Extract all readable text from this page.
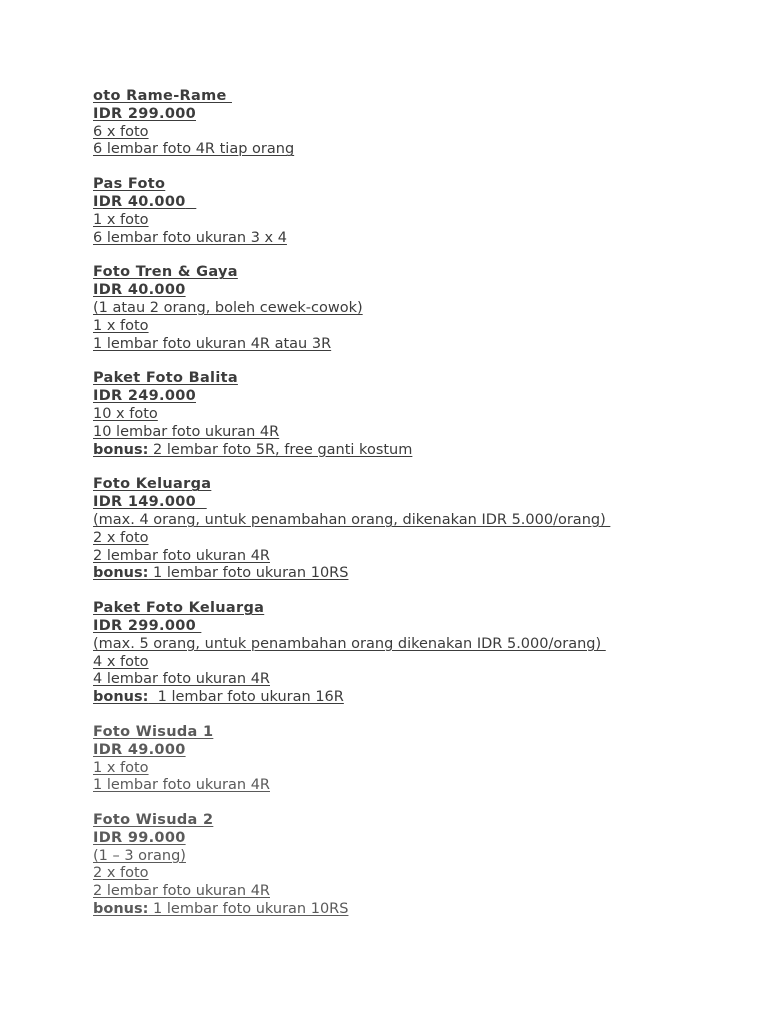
oto Rame-Rame
IDR 299.000
6 x foto
6 lembar foto 4R tiap orang
Pas Foto
IDR 40.000
1 x foto
6 lembar foto ukuran 3 x 4
Foto Tren & Gaya
IDR 40.000
(1 atau 2 orang, boleh cewek-cowok)
1 x foto
1 lembar foto ukuran 4R atau 3R
Paket Foto Balita
IDR 249.000
10 x foto
10 lembar foto ukuran 4R
bonus: 2 lembar foto 5R, free ganti kostum
Foto Keluarga
IDR 149.000
(max. 4 orang, untuk penambahan orang, dikenakan IDR 5.000/orang)
2 x foto
2 lembar foto ukuran 4R
bonus: 1 lembar foto ukuran 10RS
Paket Foto Keluarga
IDR 299.000
(max. 5 orang, untuk penambahan orang dikenakan IDR 5.000/orang)
4 x foto
4 lembar foto ukuran 4R
bonus:  1 lembar foto ukuran 16R
Foto Wisuda 1
IDR 49.000
1 x foto
1 lembar foto ukuran 4R
Foto Wisuda 2
IDR 99.000
(1 – 3 orang)
2 x foto
2 lembar foto ukuran 4R
bonus: 1 lembar foto ukuran 10RS
